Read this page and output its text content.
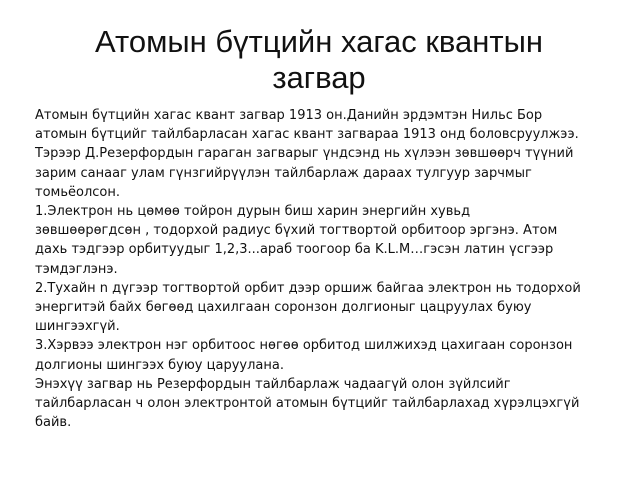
Атомын бүтцийн хагас квантын
загвар
Атомын бүтцийн хагас квант загвар 1913 он.Данийн эрдэмтэн Нильс Бор
атомын бүтцийг тайлбарласан хагас квант загвараа 1913 онд боловсруулжээ.
Тэрээр Д.Резерфордын гараган загварыг үндсэнд нь хүлээн зөвшөөрч түүний
зарим санааг улам гүнзгийрүүлэн тайлбарлаж дараах тулгуур зарчмыг
томьёолсон.
1.Электрон нь цөмөө тойрон дурын биш харин энергийн хувьд
зөвшөөрөгдсөн , тодорхой радиус бүхий тогтвортой орбитоор эргэнэ. Атом
дахь тэдгээр орбитуудыг 1,2,3...араб тоогоор ба K.L.M…гэсэн латин үсгээр
тэмдэглэнэ.
2.Тухайн n дүгээр тогтвортой орбит дээр оршиж байгаа электрон нь тодорхой
энергитэй байх бөгөөд цахилгаан соронзон долгионыг цацруулах буюу
шингээхгүй.
3.Хэрвээ электрон нэг орбитоос нөгөө орбитод шилжихэд цахигаан соронзон
долгионы шингээх буюу царуулана.
Энэхүү загвар нь Резерфордын тайлбарлаж чадаагүй олон зүйлсийг
тайлбарласан ч олон электронтой атомын бүтцийг тайлбарлахад хүрэлцэхгүй
байв.
